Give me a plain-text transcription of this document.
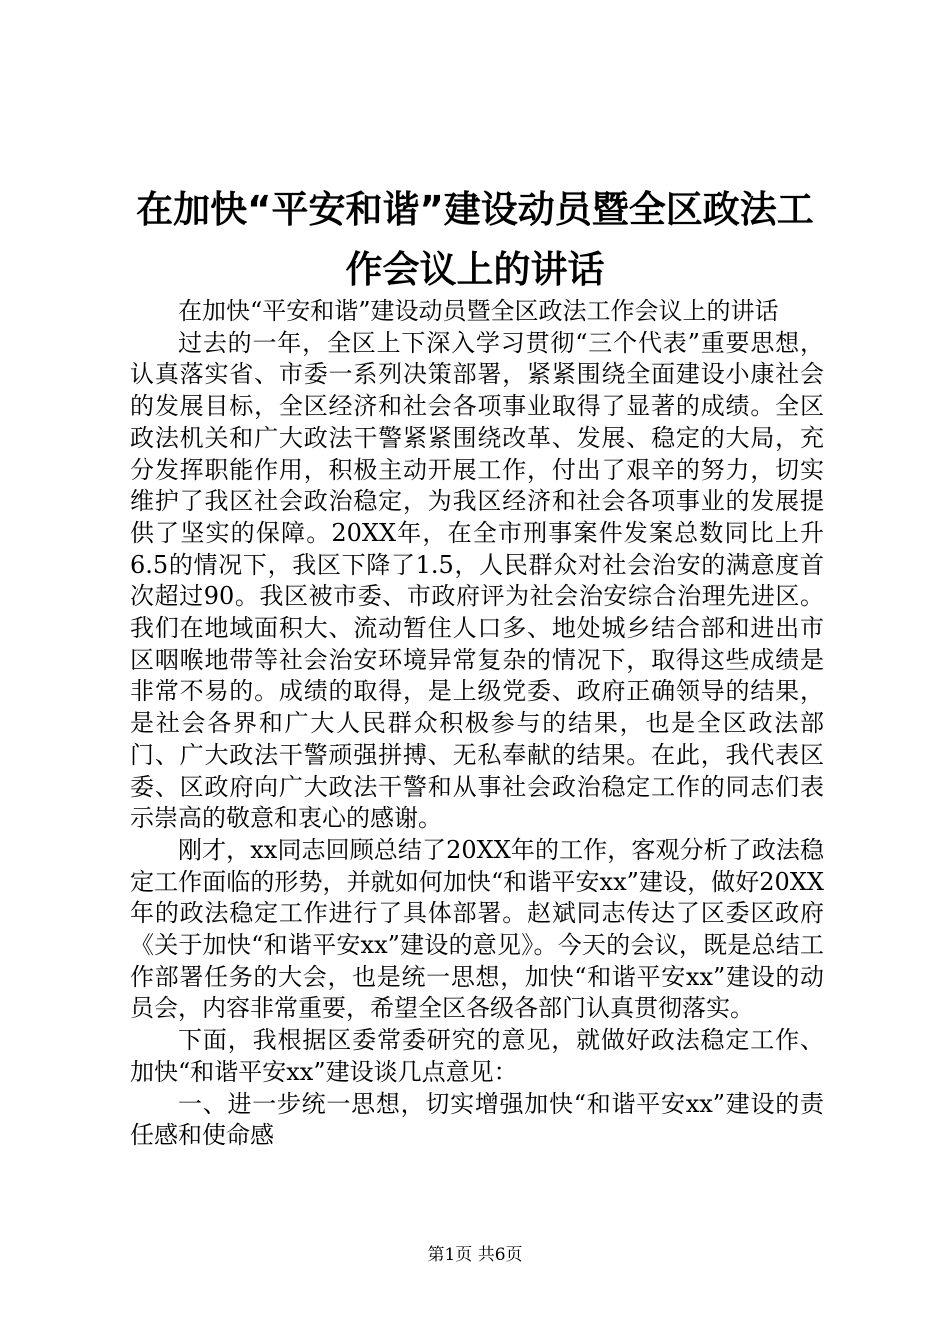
在加快“平安和谐”建设动员暨全区政法工作会议上的讲话

在加快“平安和谐”建设动员暨全区政法工作会议上的讲话

过去的一年，全区上下深入学习贯彻“三个代表”重要思想，认真落实省、市委一系列决策部署，紧紧围绕全面建设小康社会的发展目标，全区经济和社会各项事业取得了显著的成绩。全区政法机关和广大政法干警紧紧围绕改革、发展、稳定的大局，充分发挥职能作用，积极主动开展工作，付出了艰辛的努力，切实维护了我区社会政治稳定，为我区经济和社会各项事业的发展提供了坚实的保障。20XX年，在全市刑事案件发案总数同比上升6.5的情况下，我区下降了1.5，人民群众对社会治安的满意度首次超过90。我区被市委、市政府评为社会治安综合治理先进区。我们在地域面积大、流动暂住人口多、地处城乡结合部和进出市区咽喉地带等社会治安环境异常复杂的情况下，取得这些成绩是非常不易的。成绩的取得，是上级党委、政府正确领导的结果，是社会各界和广大人民群众积极参与的结果，也是全区政法部门、广大政法干警顽强拼搏、无私奉献的结果。在此，我代表区委、区政府向广大政法干警和从事社会政治稳定工作的同志们表示崇高的敬意和衷心的感谢。

刚才，xx同志回顾总结了20XX年的工作，客观分析了政法稳定工作面临的形势，并就如何加快“和谐平安xx”建设，做好20XX年的政法稳定工作进行了具体部署。赵斌同志传达了区委区政府《关于加快“和谐平安xx”建设的意见》。今天的会议，既是总结工作部署任务的大会，也是统一思想，加快“和谐平安xx”建设的动员会，内容非常重要，希望全区各级各部门认真贯彻落实。

下面，我根据区委常委研究的意见，就做好政法稳定工作、加快“和谐平安xx”建设谈几点意见：

一、进一步统一思想，切实增强加快“和谐平安xx”建设的责任感和使命感

第1页 共6页
